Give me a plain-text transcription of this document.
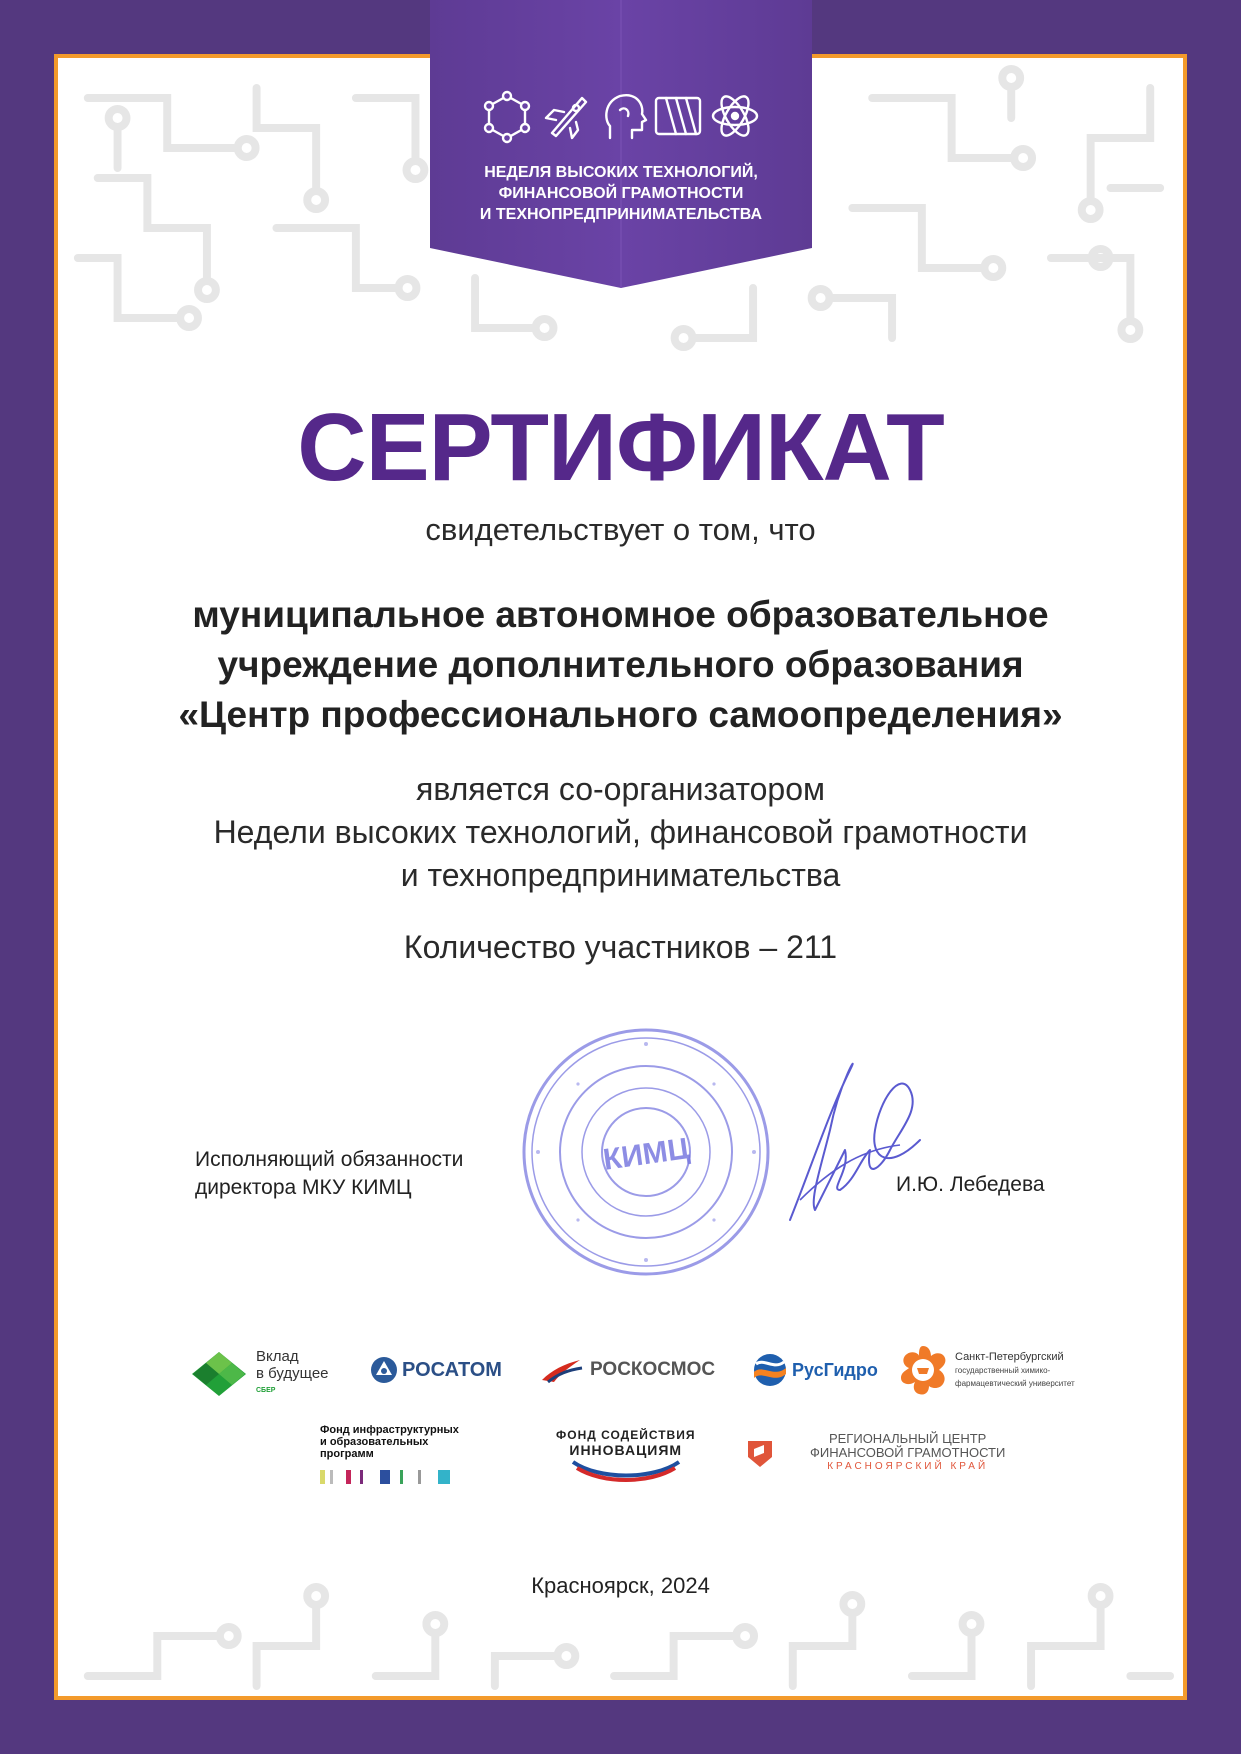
НЕДЕЛЯ ВЫСОКИХ ТЕХНОЛОГИЙ,
ФИНАНСОВОЙ ГРАМОТНОСТИ
И ТЕХНОПРЕДПРИНИМАТЕЛЬСТВА
СЕРТИФИКАТ
свидетельствует о том, что
муниципальное автономное образовательное
учреждение дополнительного образования
«Центр профессионального самоопределения»
является со-организатором
Недели высоких технологий, финансовой грамотности
и технопредпринимательства
Количество участников – 211
Исполняющий обязанности
директора МКУ КИМЦ
КИМЦ
И.Ю. Лебедева
Вклад
в будущее
СБЕР
РОСАТОМ	РОСКОСМОС	РусГидро
Санкт-Петербургский
государственный химико-
фармацевтический университет
Фонд инфраструктурных
и образовательных
программ
ФОНД СОДЕЙСТВИЯ
ИННОВАЦИЯМ
РЕГИОНАЛЬНЫЙ ЦЕНТР
ФИНАНСОВОЙ ГРАМОТНОСТИ
КРАСНОЯРСКИЙ КРАЙ
Красноярск, 2024
